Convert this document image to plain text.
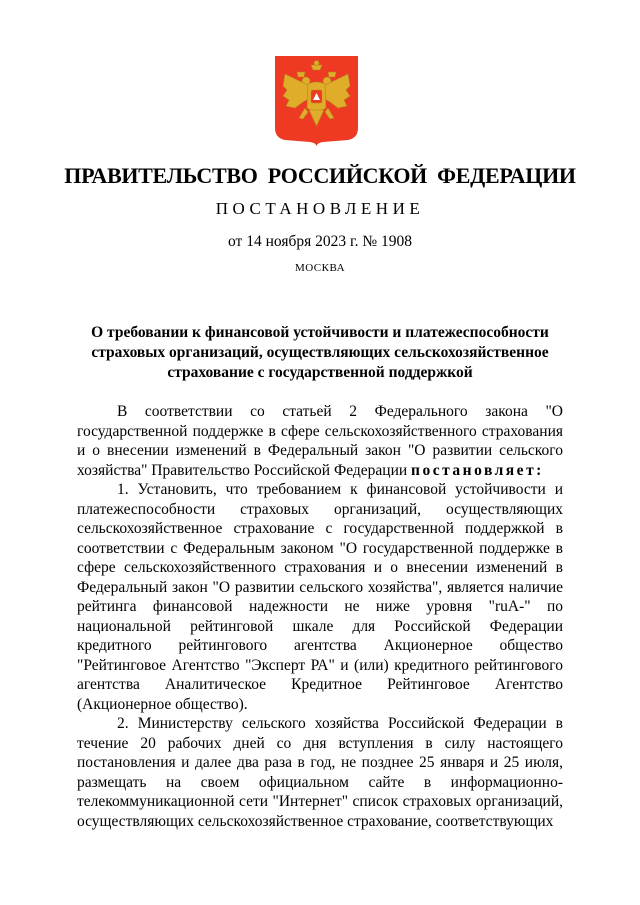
ПРАВИТЕЛЬСТВО РОССИЙСКОЙ ФЕДЕРАЦИИ
ПОСТАНОВЛЕНИЕ
от 14 ноября 2023 г. № 1908
МОСКВА
О требовании к финансовой устойчивости и платежеспособности страховых организаций, осуществляющих сельскохозяйственное страхование с государственной поддержкой

В соответствии со статьей 2 Федерального закона "О государственной поддержке в сфере сельскохозяйственного страхования и о внесении изменений в Федеральный закон "О развитии сельского хозяйства" Правительство Российской Федерации постановляет:

1. Установить, что требованием к финансовой устойчивости и платежеспособности страховых организаций, осуществляющих сельскохозяйственное страхование с государственной поддержкой в соответствии с Федеральным законом "О государственной поддержке в сфере сельскохозяйственного страхования и о внесении изменений в Федеральный закон "О развитии сельского хозяйства", является наличие рейтинга финансовой надежности не ниже уровня "ruA-" по национальной рейтинговой шкале для Российской Федерации кредитного рейтингового агентства Акционерное общество "Рейтинговое Агентство "Эксперт РА" и (или) кредитного рейтингового агентства Аналитическое Кредитное Рейтинговое Агентство (Акционерное общество).

2. Министерству сельского хозяйства Российской Федерации в течение 20 рабочих дней со дня вступления в силу настоящего постановления и далее два раза в год, не позднее 25 января и 25 июля, размещать на своем официальном сайте в информационно-телекоммуникационной сети "Интернет" список страховых организаций, осуществляющих сельскохозяйственное страхование, соответствующих
